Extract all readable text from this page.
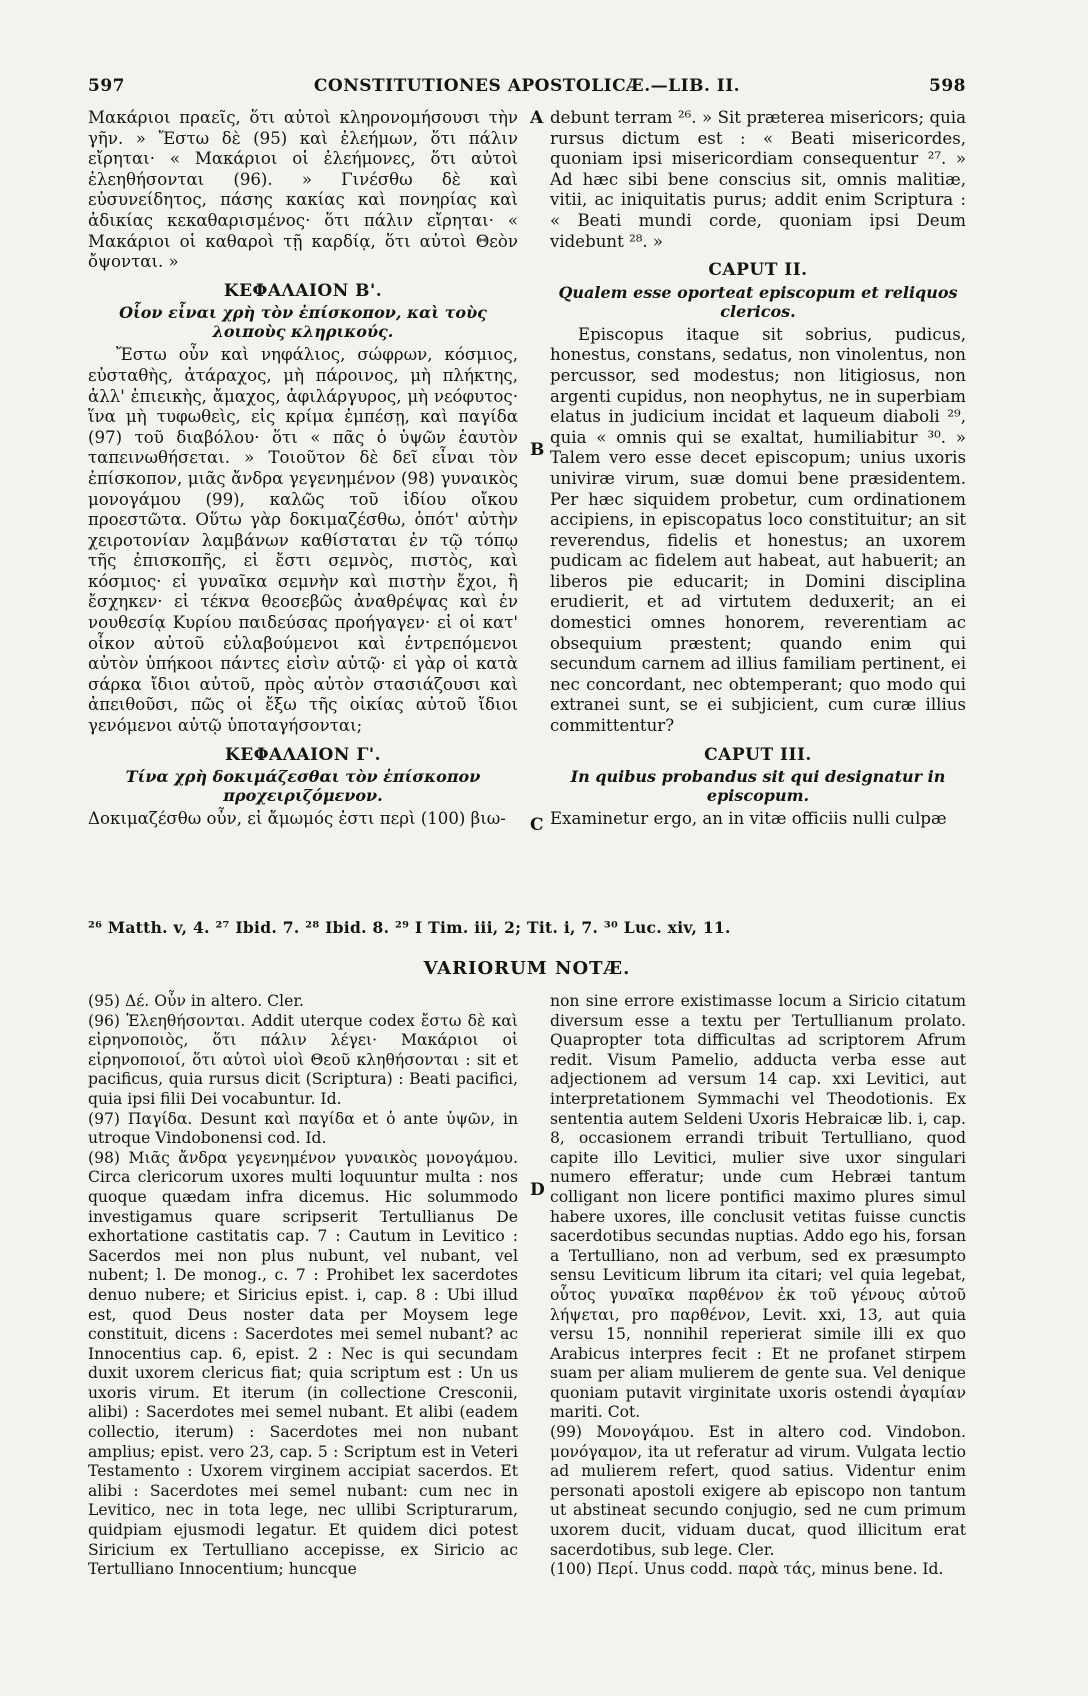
597	CONSTITUTIONES APOSTOLICÆ.—LIB. II.	598

Μακάριοι πραεῖς, ὅτι αὐτοὶ κληρονομήσουσι τὴν γῆν. » Ἔστω δὲ (95) καὶ ἐλεήμων, ὅτι πάλιν εἴρηται· « Μακάριοι οἱ ἐλεήμονες, ὅτι αὐτοὶ ἐλεηθήσονται (96). » Γινέσθω δὲ καὶ εὐσυνείδητος, πάσης κακίας καὶ πονηρίας καὶ ἀδικίας κεκαθαρισμένος· ὅτι πάλιν εἴρηται· « Μακάριοι οἱ καθαροὶ τῇ καρδίᾳ, ὅτι αὐτοὶ Θεὸν ὄψονται. »

ΚΕΦΑΛΑΙΟΝ Β'.
Οἷον εἶναι χρὴ τὸν ἐπίσκοπον, καὶ τοὺς λοιποὺς κληρικούς.

Ἔστω οὖν καὶ νηφάλιος, σώφρων, κόσμιος, εὐσταθὴς, ἀτάραχος, μὴ πάροινος, μὴ πλήκτης, ἀλλ' ἐπιεικὴς, ἄμαχος, ἀφιλάργυρος, μὴ νεόφυτος· ἵνα μὴ τυφωθεὶς, εἰς κρίμα ἐμπέσῃ, καὶ παγίδα (97) τοῦ διαβόλου· ὅτι « πᾶς ὁ ὑψῶν ἑαυτὸν ταπεινωθήσεται. » Τοιοῦτον δὲ δεῖ εἶναι τὸν ἐπίσκοπον, μιᾶς ἄνδρα γεγενημένον (98) γυναικὸς μονογάμου (99), καλῶς τοῦ ἰδίου οἴκου προεστῶτα. Οὕτω γὰρ δοκιμαζέσθω, ὁπότ' αὐτὴν χειροτονίαν λαμβάνων καθίσταται ἐν τῷ τόπῳ τῆς ἐπισκοπῆς, εἰ ἔστι σεμνὸς, πιστὸς, καὶ κόσμιος· εἰ γυναῖκα σεμνὴν καὶ πιστὴν ἔχοι, ἢ ἔσχηκεν· εἰ τέκνα θεοσεβῶς ἀναθρέψας καὶ ἐν νουθεσίᾳ Κυρίου παιδεύσας προήγαγεν· εἰ οἱ κατ' οἶκον αὐτοῦ εὐλαβούμενοι καὶ ἐντρεπόμενοι αὐτὸν ὑπήκοοι πάντες εἰσὶν αὐτῷ· εἰ γὰρ οἱ κατὰ σάρκα ἴδιοι αὐτοῦ, πρὸς αὐτὸν στασιάζουσι καὶ ἀπειθοῦσι, πῶς οἱ ἔξω τῆς οἰκίας αὐτοῦ ἴδιοι γενόμενοι αὐτῷ ὑποταγήσονται;

ΚΕΦΑΛΑΙΟΝ Γ'.
Τίνα χρὴ δοκιμάζεσθαι τὸν ἐπίσκοπον προχειριζόμενον.

Δοκιμαζέσθω οὖν, εἰ ἄμωμός ἐστι περὶ (100) βιω-

A
B
C
D

debunt terram ²⁶. » Sit præterea misericors; quia rursus dictum est : « Beati misericordes, quoniam ipsi misericordiam consequentur ²⁷. » Ad hæc sibi bene conscius sit, omnis malitiæ, vitii, ac iniquitatis purus; addit enim Scriptura : « Beati mundi corde, quoniam ipsi Deum videbunt ²⁸. »

CAPUT II.
Qualem esse oporteat episcopum et reliquos clericos.

Episcopus itaque sit sobrius, pudicus, honestus, constans, sedatus, non vinolentus, non percussor, sed modestus; non litigiosus, non argenti cupidus, non neophytus, ne in superbiam elatus in judicium incidat et laqueum diaboli ²⁹, quia « omnis qui se exaltat, humiliabitur ³⁰. » Talem vero esse decet episcopum; unius uxoris univiræ virum, suæ domui bene præsidentem. Per hæc siquidem probetur, cum ordinationem accipiens, in episcopatus loco constituitur; an sit reverendus, fidelis et honestus; an uxorem pudicam ac fidelem aut habeat, aut habuerit; an liberos pie educarit; in Domini disciplina erudierit, et ad virtutem deduxerit; an ei domestici omnes honorem, reverentiam ac obsequium præstent; quando enim qui secundum carnem ad illius familiam pertinent, ei nec concordant, nec obtemperant; quo modo qui extranei sunt, se ei subjicient, cum curæ illius committentur?

CAPUT III.
In quibus probandus sit qui designatur in episcopum.

Examinetur ergo, an in vitæ officiis nulli culpæ

²⁶ Matth. v, 4. ²⁷ Ibid. 7. ²⁸ Ibid. 8. ²⁹ I Tim. iii, 2; Tit. i, 7. ³⁰ Luc. xiv, 11.
VARIORUM NOTÆ.

(95) Δέ. Οὖν in altero. Cler.

(96) Ἐλεηθήσονται. Addit uterque codex ἔστω δὲ καὶ εἰρηνοποιὸς, ὅτι πάλιν λέγει· Μακάριοι οἱ εἰρηνοποιοί, ὅτι αὐτοὶ υἱοὶ Θεοῦ κληθήσονται : sit et pacificus, quia rursus dicit (Scriptura) : Beati pacifici, quia ipsi filii Dei vocabuntur. Id.

(97) Παγίδα. Desunt καὶ παγίδα et ὁ ante ὑψῶν, in utroque Vindobonensi cod. Id.

(98) Μιᾶς ἄνδρα γεγενημένον γυναικὸς μονογάμου. Circa clericorum uxores multi loquuntur multa : nos quoque quædam infra dicemus. Hic solummodo investigamus quare scripserit Tertullianus De exhortatione castitatis cap. 7 : Cautum in Levitico : Sacerdos mei non plus nubunt, vel nubant, vel nubent; l. De monog., c. 7 : Prohibet lex sacerdotes denuo nubere; et Siricius epist. i, cap. 8 : Ubi illud est, quod Deus noster data per Moysem lege constituit, dicens : Sacerdotes mei semel nubant? ac Innocentius cap. 6, epist. 2 : Nec is qui secundam duxit uxorem clericus fiat; quia scriptum est : Un us uxoris virum. Et iterum (in collectione Cresconii, alibi) : Sacerdotes mei semel nubant. Et alibi (eadem collectio, iterum) : Sacerdotes mei non nubant amplius; epist. vero 23, cap. 5 : Scriptum est in Veteri Testamento : Uxorem virginem accipiat sacerdos. Et alibi : Sacerdotes mei semel nubant: cum nec in Levitico, nec in tota lege, nec ullibi Scripturarum, quidpiam ejusmodi legatur. Et quidem dici potest Siricium ex Tertulliano accepisse, ex Siricio ac Tertulliano Innocentium; huncque

non sine errore existimasse locum a Siricio citatum diversum esse a textu per Tertullianum prolato. Quapropter tota difficultas ad scriptorem Afrum redit. Visum Pamelio, adducta verba esse aut adjectionem ad versum 14 cap. xxi Levitici, aut interpretationem Symmachi vel Theodotionis. Ex sententia autem Seldeni Uxoris Hebraicæ lib. i, cap. 8, occasionem errandi tribuit Tertulliano, quod capite illo Levitici, mulier sive uxor singulari numero efferatur; unde cum Hebræi tantum colligant non licere pontifici maximo plures simul habere uxores, ille conclusit vetitas fuisse cunctis sacerdotibus secundas nuptias. Addo ego his, forsan a Tertulliano, non ad verbum, sed ex præsumpto sensu Leviticum librum ita citari; vel quia legebat, οὗτος γυναῖκα παρθένον ἐκ τοῦ γένους αὐτοῦ λήψεται, pro παρθένον, Levit. xxi, 13, aut quia versu 15, nonnihil reperierat simile illi ex quo Arabicus interpres fecit : Et ne profanet stirpem suam per aliam mulierem de gente sua. Vel denique quoniam putavit virginitate uxoris ostendi ἀγαμίαν mariti. Cot.

(99) Μονογάμου. Est in altero cod. Vindobon. μονόγαμον, ita ut referatur ad virum. Vulgata lectio ad mulierem refert, quod satius. Videntur enim personati apostoli exigere ab episcopo non tantum ut abstineat secundo conjugio, sed ne cum primum uxorem ducit, viduam ducat, quod illicitum erat sacerdotibus, sub lege. Cler.

(100) Περί. Unus codd. παρὰ τάς, minus bene. Id.
